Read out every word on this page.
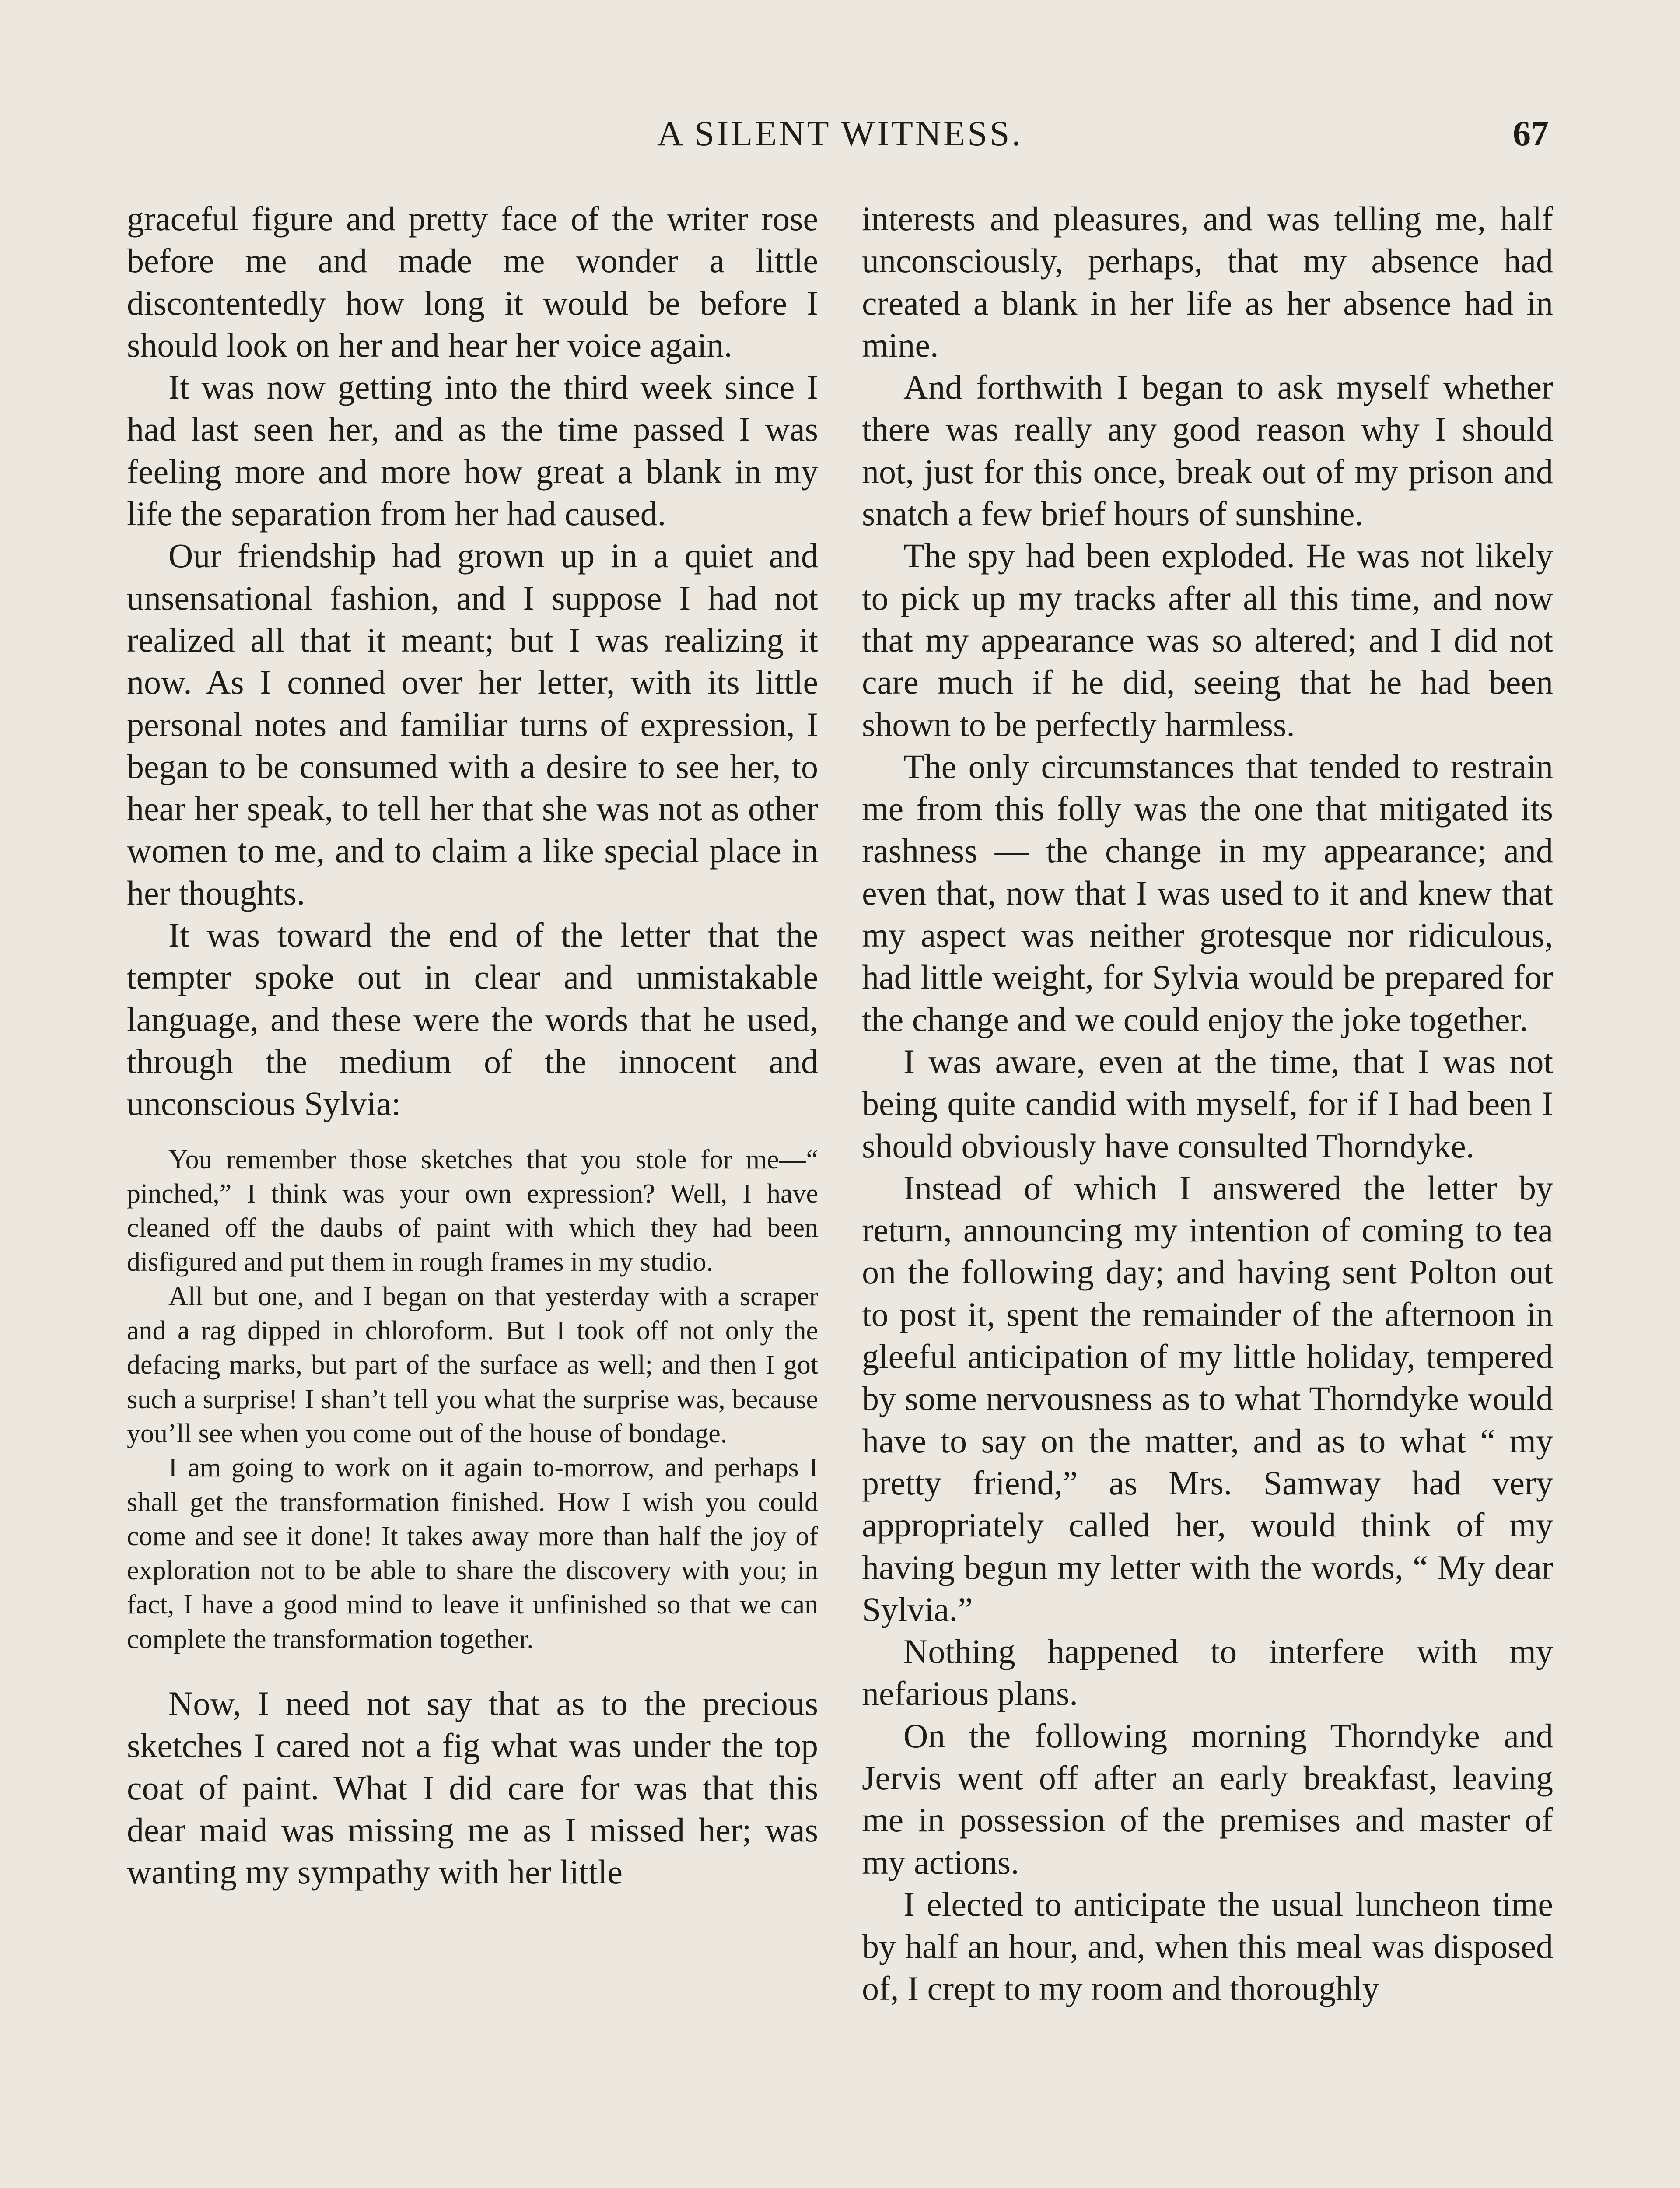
A SILENT WITNESS.	67

graceful figure and pretty face of the writer rose before me and made me wonder a little discontentedly how long it would be before I should look on her and hear her voice again.

It was now getting into the third week since I had last seen her, and as the time passed I was feeling more and more how great a blank in my life the separation from her had caused.

Our friendship had grown up in a quiet and unsensational fashion, and I suppose I had not realized all that it meant; but I was realizing it now. As I conned over her letter, with its little personal notes and familiar turns of expression, I began to be consumed with a desire to see her, to hear her speak, to tell her that she was not as other women to me, and to claim a like special place in her thoughts.

It was toward the end of the letter that the tempter spoke out in clear and unmistakable language, and these were the words that he used, through the medium of the innocent and unconscious Sylvia:

You remember those sketches that you stole for me—“ pinched,” I think was your own expression? Well, I have cleaned off the daubs of paint with which they had been disfigured and put them in rough frames in my studio.

All but one, and I began on that yesterday with a scraper and a rag dipped in chloroform. But I took off not only the defacing marks, but part of the surface as well; and then I got such a surprise! I shan’t tell you what the surprise was, because you’ll see when you come out of the house of bondage.

I am going to work on it again to-morrow, and perhaps I shall get the transformation finished. How I wish you could come and see it done! It takes away more than half the joy of exploration not to be able to share the discovery with you; in fact, I have a good mind to leave it unfinished so that we can complete the transformation together.

Now, I need not say that as to the precious sketches I cared not a fig what was under the top coat of paint. What I did care for was that this dear maid was missing me as I missed her; was wanting my sympathy with her little

interests and pleasures, and was telling me, half unconsciously, perhaps, that my absence had created a blank in her life as her absence had in mine.

And forthwith I began to ask myself whether there was really any good reason why I should not, just for this once, break out of my prison and snatch a few brief hours of sunshine.

The spy had been exploded. He was not likely to pick up my tracks after all this time, and now that my appearance was so altered; and I did not care much if he did, seeing that he had been shown to be perfectly harmless.

The only circumstances that tended to restrain me from this folly was the one that mitigated its rashness — the change in my appearance; and even that, now that I was used to it and knew that my aspect was neither grotesque nor ridiculous, had little weight, for Sylvia would be prepared for the change and we could enjoy the joke together.

I was aware, even at the time, that I was not being quite candid with myself, for if I had been I should obviously have consulted Thorndyke.

Instead of which I answered the letter by return, announcing my intention of coming to tea on the following day; and having sent Polton out to post it, spent the remainder of the afternoon in gleeful anticipation of my little holiday, tempered by some nervousness as to what Thorndyke would have to say on the matter, and as to what “ my pretty friend,” as Mrs. Samway had very appropriately called her, would think of my having begun my letter with the words, “ My dear Sylvia.”

Nothing happened to interfere with my nefarious plans.

On the following morning Thorndyke and Jervis went off after an early breakfast, leaving me in possession of the premises and master of my actions.

I elected to anticipate the usual luncheon time by half an hour, and, when this meal was disposed of, I crept to my room and thoroughly
